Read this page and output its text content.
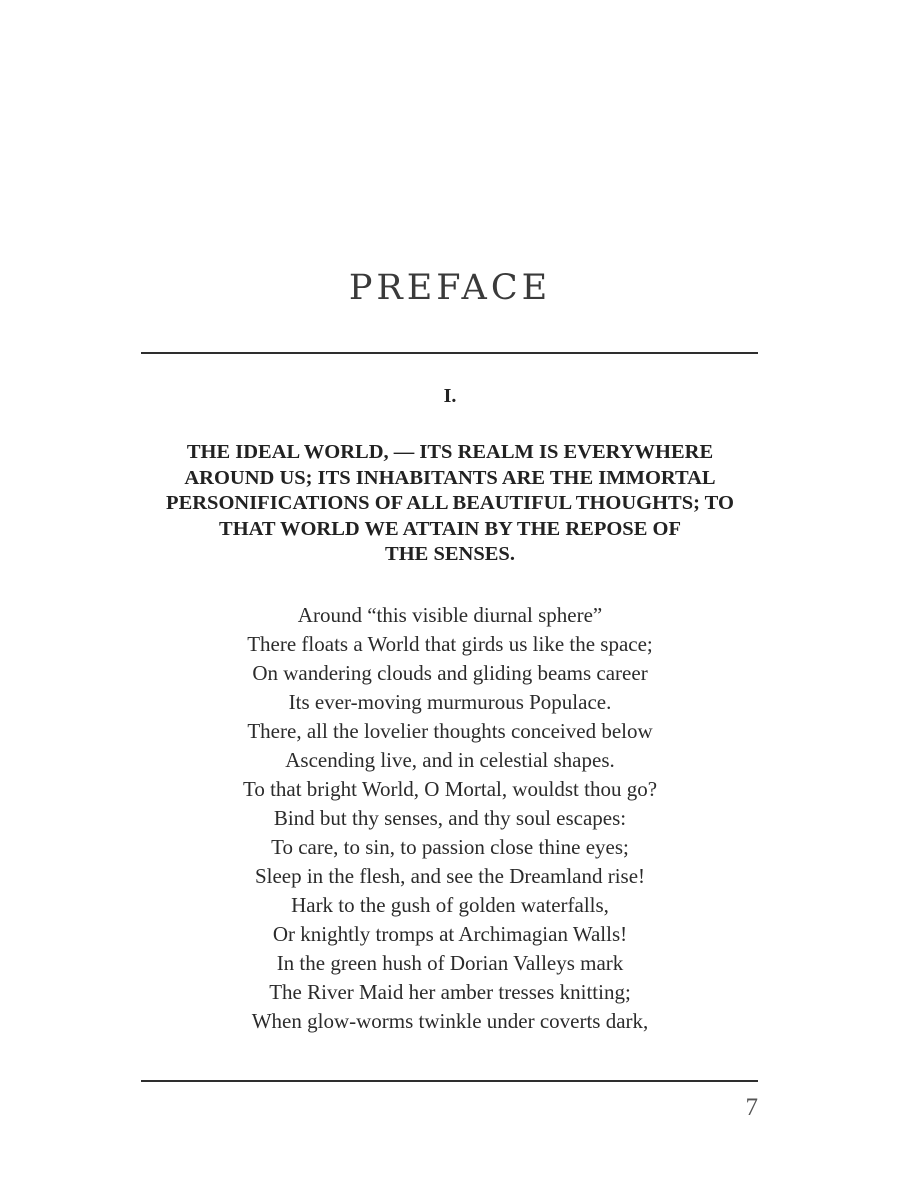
PREFACE
I.
THE IDEAL WORLD, — ITS REALM IS EVERYWHERE
AROUND US; ITS INHABITANTS ARE THE IMMORTAL
PERSONIFICATIONS OF ALL BEAUTIFUL THOUGHTS; TO
THAT WORLD WE ATTAIN BY THE REPOSE OF
THE SENSES.
Around “this visible diurnal sphere”
There floats a World that girds us like the space;
On wandering clouds and gliding beams career
Its ever-moving murmurous Populace.
There, all the lovelier thoughts conceived below
Ascending live, and in celestial shapes.
To that bright World, O Mortal, wouldst thou go?
Bind but thy senses, and thy soul escapes:
To care, to sin, to passion close thine eyes;
Sleep in the flesh, and see the Dreamland rise!
Hark to the gush of golden waterfalls,
Or knightly tromps at Archimagian Walls!
In the green hush of Dorian Valleys mark
The River Maid her amber tresses knitting;
When glow-worms twinkle under coverts dark,
7
